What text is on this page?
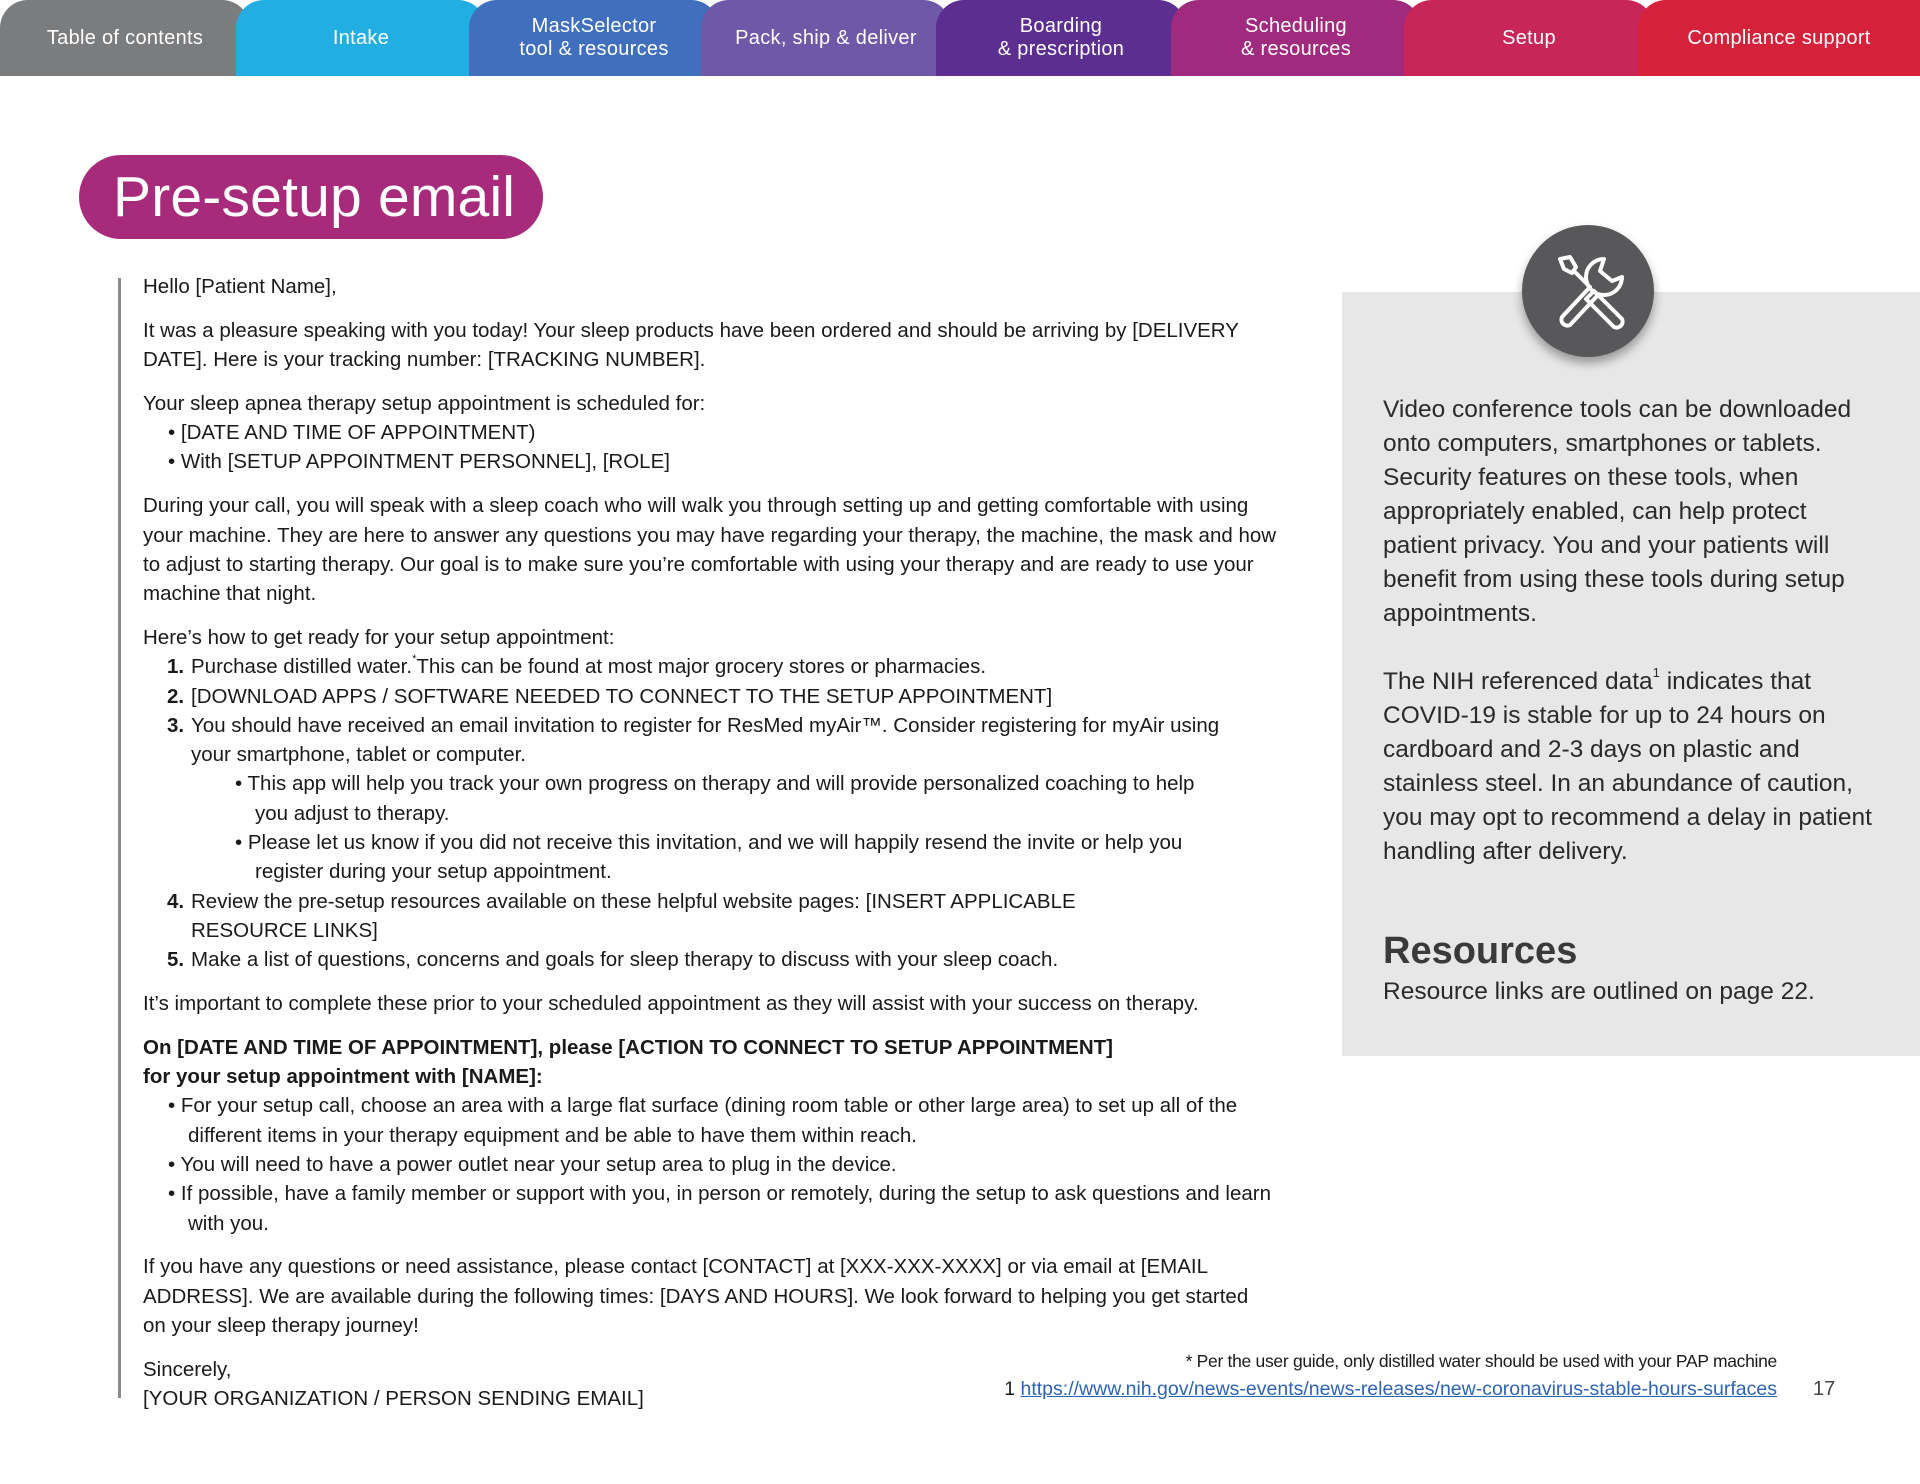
Table of contents	Intake
MaskSelector
tool & resources
Pack, ship & deliver
Boarding
& prescription
Scheduling
& resources
Setup	Compliance support
Pre-setup email

Hello [Patient Name],

It was a pleasure speaking with you today! Your sleep products have been ordered and should be arriving by [DELIVERY DATE]. Here is your tracking number: [TRACKING NUMBER].

Your sleep apnea therapy setup appointment is scheduled for:

• [DATE AND TIME OF APPOINTMENT)
• With [SETUP APPOINTMENT PERSONNEL], [ROLE]

During your call, you will speak with a sleep coach who will walk you through setting up and getting comfortable with using your machine. They are here to answer any questions you may have regarding your therapy, the machine, the mask and how to adjust to starting therapy. Our goal is to make sure you’re comfortable with using your therapy and are ready to use your machine that night.

Here’s how to get ready for your setup appointment:

1. Purchase distilled water.*This can be found at most major grocery stores or pharmacies.
2. [DOWNLOAD APPS / SOFTWARE NEEDED TO CONNECT TO THE SETUP APPOINTMENT]
3. You should have received an email invitation to register for ResMed myAir™. Consider registering for myAir using your smartphone, tablet or computer.
• This app will help you track your own progress on therapy and will provide personalized coaching to help you adjust to therapy.
• Please let us know if you did not receive this invitation, and we will happily resend the invite or help you register during your setup appointment.
4. Review the pre-setup resources available on these helpful website pages: [INSERT APPLICABLE RESOURCE LINKS]
5. Make a list of questions, concerns and goals for sleep therapy to discuss with your sleep coach.

It’s important to complete these prior to your scheduled appointment as they will assist with your success on therapy.

On [DATE AND TIME OF APPOINTMENT], please [ACTION TO CONNECT TO SETUP APPOINTMENT]
for your setup appointment with [NAME]:
• For your setup call, choose an area with a large flat surface (dining room table or other large area) to set up all of the different items in your therapy equipment and be able to have them within reach.
• You will need to have a power outlet near your setup area to plug in the device.
• If possible, have a family member or support with you, in person or remotely, during the setup to ask questions and learn with you.

If you have any questions or need assistance, please contact [CONTACT] at [XXX-XXX-XXXX] or via email at [EMAIL ADDRESS]. We are available during the following times: [DAYS AND HOURS]. We look forward to helping you get started on your sleep therapy journey!

Sincerely,
[YOUR ORGANIZATION / PERSON SENDING EMAIL]

Video conference tools can be downloaded onto computers, smartphones or tablets. Security features on these tools, when appropriately enabled, can help protect patient privacy. You and your patients will benefit from using these tools during setup appointments.

The NIH referenced data$^1$ indicates that COVID-19 is stable for up to 24 hours on cardboard and 2-3 days on plastic and stainless steel. In an abundance of caution, you may opt to recommend a delay in patient handling after delivery.

Resources
Resource links are outlined on page 22.
* Per the user guide, only distilled water should be used with your PAP machine
1 https://www.nih.gov/news-events/news-releases/new-coronavirus-stable-hours-surfaces 17
